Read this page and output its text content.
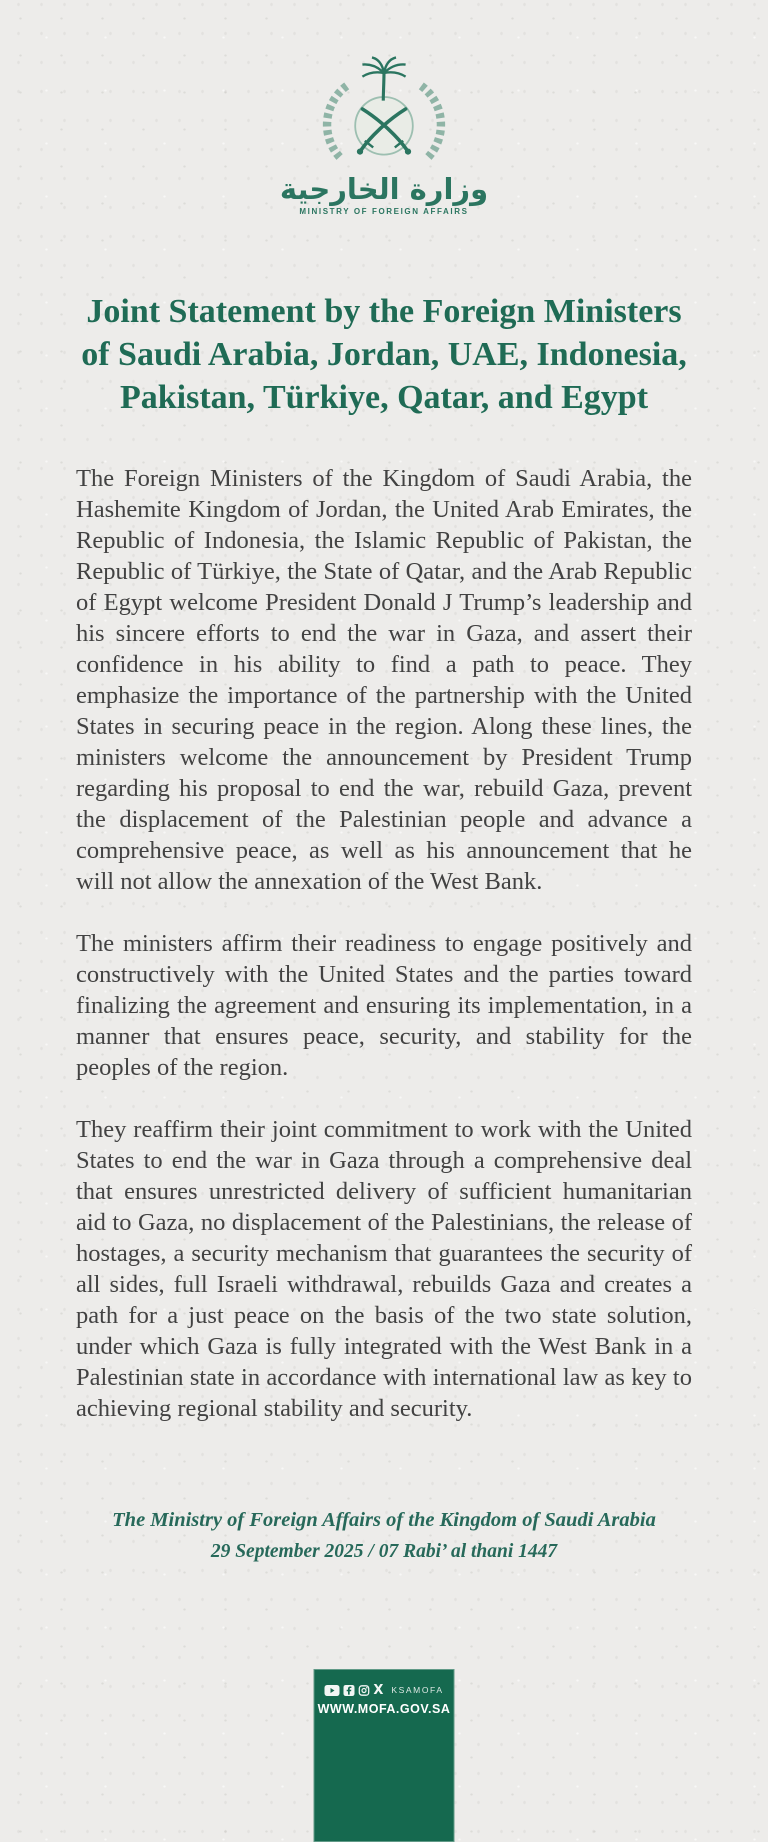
وزارة الخارجية
MINISTRY OF FOREIGN AFFAIRS
Joint Statement by the Foreign Ministers
of Saudi Arabia, Jordan, UAE, Indonesia,
Pakistan, Türkiye, Qatar, and Egypt

The Foreign Ministers of the Kingdom of Saudi Arabia, the Hashemite Kingdom of Jordan, the United Arab Emirates, the Republic of Indonesia, the Islamic Republic of Pakistan, the Republic of Türkiye, the State of Qatar, and the Arab Republic of Egypt welcome President Donald J Trump’s leadership and his sincere efforts to end the war in Gaza, and assert their confidence in his ability to find a path to peace. They emphasize the importance of the partnership with the United States in securing peace in the region. Along these lines, the ministers welcome the announcement by President Trump regarding his proposal to end the war, rebuild Gaza, prevent the displacement of the Palestinian people and advance a comprehensive peace, as well as his announcement that he will not allow the annexation of the West Bank.

The ministers affirm their readiness to engage positively and constructively with the United States and the parties toward finalizing the agreement and ensuring its implementation, in a manner that ensures peace, security, and stability for the peoples of the region.

They reaffirm their joint commitment to work with the United States to end the war in Gaza through a comprehensive deal that ensures unrestricted delivery of sufficient humanitarian aid to Gaza, no displacement of the Palestinians, the release of hostages, a security mechanism that guarantees the security of all sides, full Israeli withdrawal, rebuilds Gaza and creates a path for a just peace on the basis of the two state solution, under which Gaza is fully integrated with the West Bank in a Palestinian state in accordance with international law as key to achieving regional stability and security.

The Ministry of Foreign Affairs of the Kingdom of Saudi Arabia
29 September 2025 / 07 Rabi’ al thani 1447
X KSAMOFA
WWW.MOFA.GOV.SA
